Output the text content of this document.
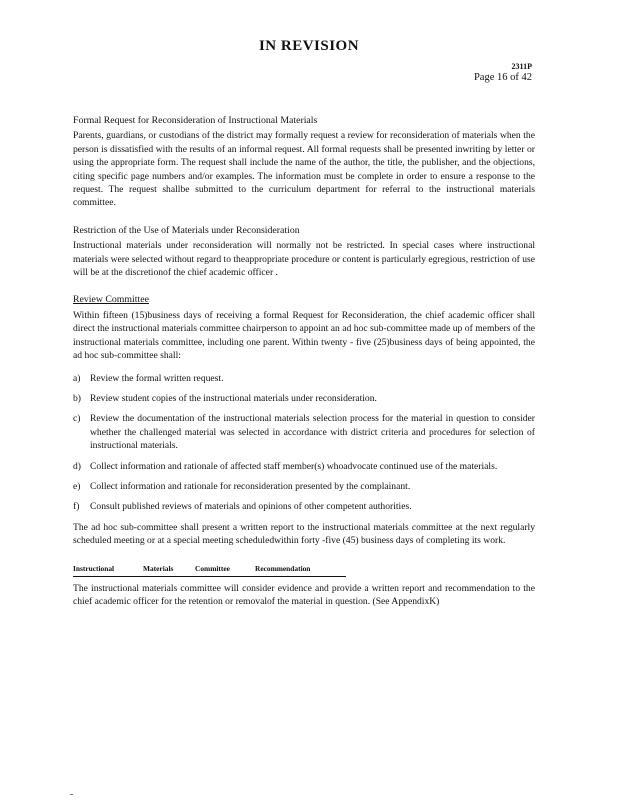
IN REVISION
2311P
Page 16 of 42
Formal Request for Reconsideration of Instructional Materials

Parents, guardians, or custodians of the district may formally request a review for reconsideration of materials when the person is dissatisfied with the results of an informal request. All formal requests shall be presented inwriting by letter or using the appropriate form. The request shall include the name of the author, the title, the publisher, and the objections, citing specific page numbers and/or examples. The information must be complete in order to ensure a response to the request. The request shallbe submitted to the curriculum department for referral to the instructional materials committee.

Restriction of the Use of Materials under Reconsideration

Instructional materials under reconsideration will normally not be restricted. In special cases where instructional materials were selected without regard to theappropriate procedure or content is particularly egregious, restriction of use will be at the discretionof the chief academic officer .

Review Committee

Within fifteen (15)business days of receiving a formal Request for Reconsideration, the chief academic officer shall direct the instructional materials committee chairperson to appoint an ad hoc sub-committee made up of members of the instructional materials committee, including one parent. Within twenty - five (25)business days of being appointed, the ad hoc sub-committee shall:

a) Review the formal written request.
b) Review student copies of the instructional materials under reconsideration.
c) Review the documentation of the instructional materials selection process for the material in question to consider whether the challenged material was selected in accordance with district criteria and procedures for selection of instructional materials.
d) Collect information and rationale of affected staff member(s) whoadvocate continued use of the materials.
e) Collect information and rationale for reconsideration presented by the complainant.
f) Consult published reviews of materials and opinions of other competent authorities.

The ad hoc sub-committee shall present a written report to the instructional materials committee at the next regularly scheduled meeting or at a special meeting scheduledwithin forty -five (45) business days of completing its work.

Instructional	Materials	Committee	Recommendation

The instructional materials committee will consider evidence and provide a written report and recommendation to the chief academic officer for the retention or removalof the material in question. (See AppendixK)
